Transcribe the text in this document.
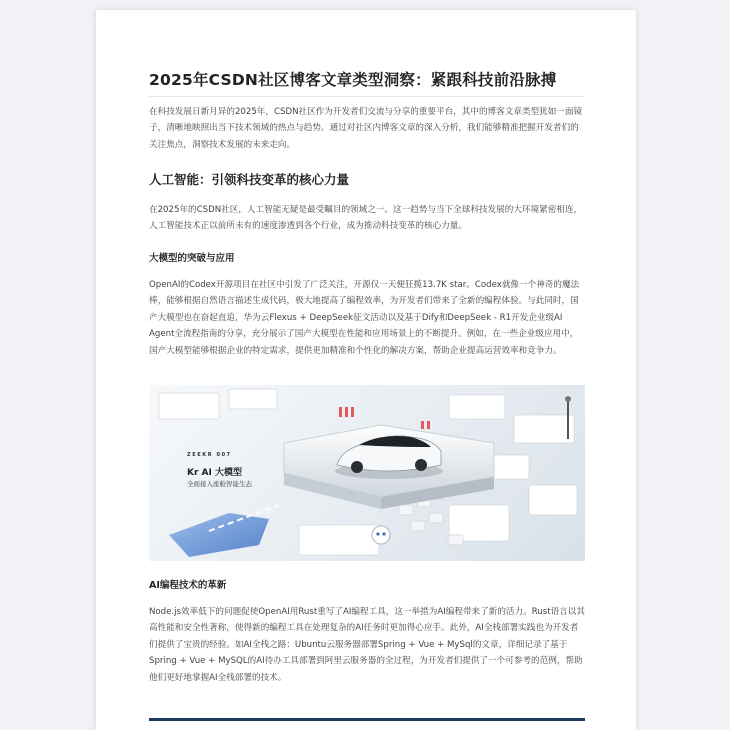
2025年CSDN社区博客文章类型洞察：紧跟科技前沿脉搏

在科技发展日新月异的2025年，CSDN社区作为开发者们交流与分享的重要平台，其中的博客文章类型犹如一面镜子，清晰地映照出当下技术领域的热点与趋势。通过对社区内博客文章的深入分析，我们能够精准把握开发者们的关注焦点，洞察技术发展的未来走向。

人工智能：引领科技变革的核心力量

在2025年的CSDN社区，人工智能无疑是最受瞩目的领域之一。这一趋势与当下全球科技发展的大环境紧密相连，人工智能技术正以前所未有的速度渗透到各个行业，成为推动科技变革的核心力量。

大模型的突破与应用

OpenAI的Codex开源项目在社区中引发了广泛关注，开源仅一天便狂揽13.7K star。Codex就像一个神奇的魔法棒，能够根据自然语言描述生成代码，极大地提高了编程效率，为开发者们带来了全新的编程体验。与此同时，国产大模型也在奋起直追，华为云Flexus + DeepSeek征文活动以及基于Dify和DeepSeek - R1开发企业级AI Agent全流程指南的分享，充分展示了国产大模型在性能和应用场景上的不断提升。例如，在一些企业级应用中，国产大模型能够根据企业的特定需求，提供更加精准和个性化的解决方案，帮助企业提高运营效率和竞争力。

ZEEKR 007
Kr AI 大模型
全面接入座舱智能生态
AI编程技术的革新

Node.js效率低下的问题促使OpenAI用Rust重写了AI编程工具，这一举措为AI编程带来了新的活力。Rust语言以其高性能和安全性著称，使得新的编程工具在处理复杂的AI任务时更加得心应手。此外，AI全栈部署实践也为开发者们提供了宝贵的经验。如AI全栈之路：Ubuntu云服务器部署Spring + Vue + MySql的文章，详细记录了基于Spring + Vue + MySQL的AI待办工具部署到阿里云服务器的全过程，为开发者们提供了一个可参考的范例，帮助他们更好地掌握AI全栈部署的技术。
